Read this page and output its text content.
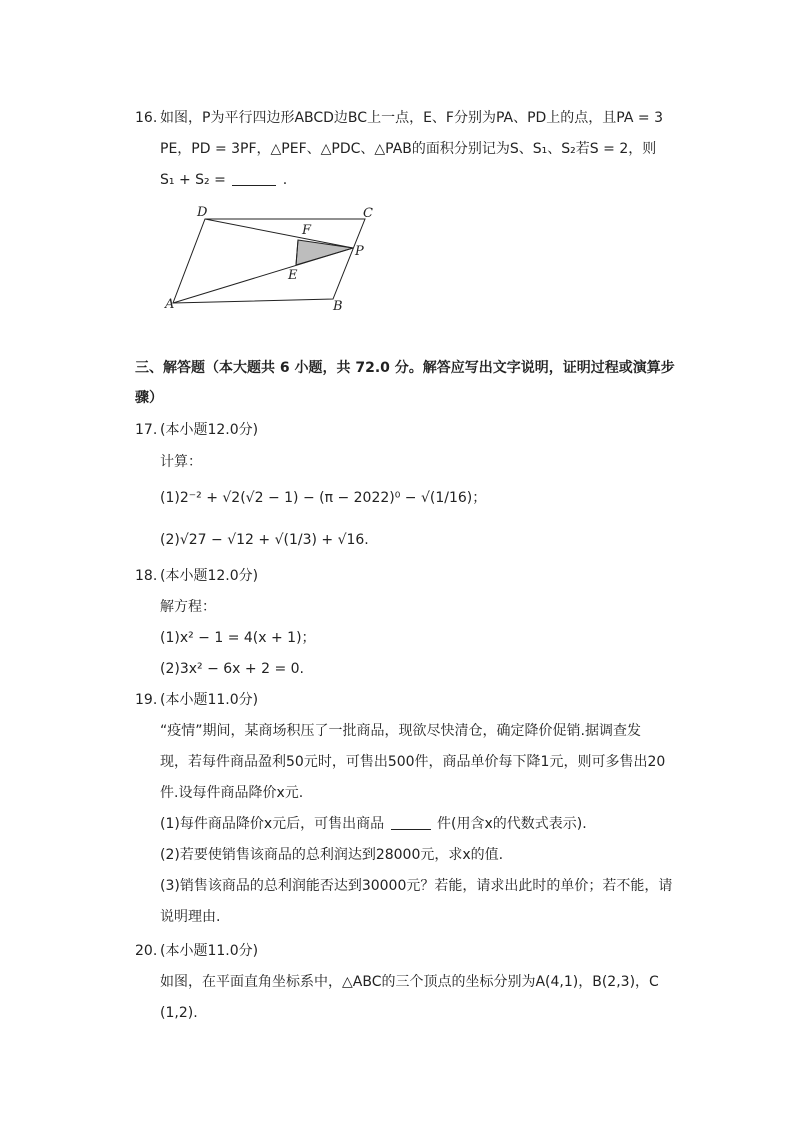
16. 如图，P为平行四边形ABCD边BC上一点，E、F分别为PA、PD上的点，且PA = 3
PE，PD = 3PF，△PEF、△PDC、△PAB的面积分别记为S、S₁、S₂若S = 2，则
S₁ + S₂ =	.
D	C
F
P
E
A	B
三、解答题（本大题共 6 小题，共 72.0 分。解答应写出文字说明，证明过程或演算步
骤）
17. (本小题12.0分)
计算：
(1)2⁻² + √2(√2 − 1) − (π − 2022)⁰ − √(1/16)；
(2)√27 − √12 + √(1/3) + √16.
18. (本小题12.0分)
解方程：
(1)x² − 1 = 4(x + 1)；
(2)3x² − 6x + 2 = 0.
19. (本小题11.0分)
“疫情”期间，某商场积压了一批商品，现欲尽快清仓，确定降价促销.据调查发
现，若每件商品盈利50元时，可售出500件，商品单价每下降1元，则可多售出20
件.设每件商品降价x元.
(1)每件商品降价x元后，可售出商品	件(用含x的代数式表示).
(2)若要使销售该商品的总利润达到28000元，求x的值.
(3)销售该商品的总利润能否达到30000元？若能，请求出此时的单价；若不能，请
说明理由.
20. (本小题11.0分)
如图，在平面直角坐标系中，△ABC的三个顶点的坐标分别为A(4,1)，B(2,3)，C
(1,2).
